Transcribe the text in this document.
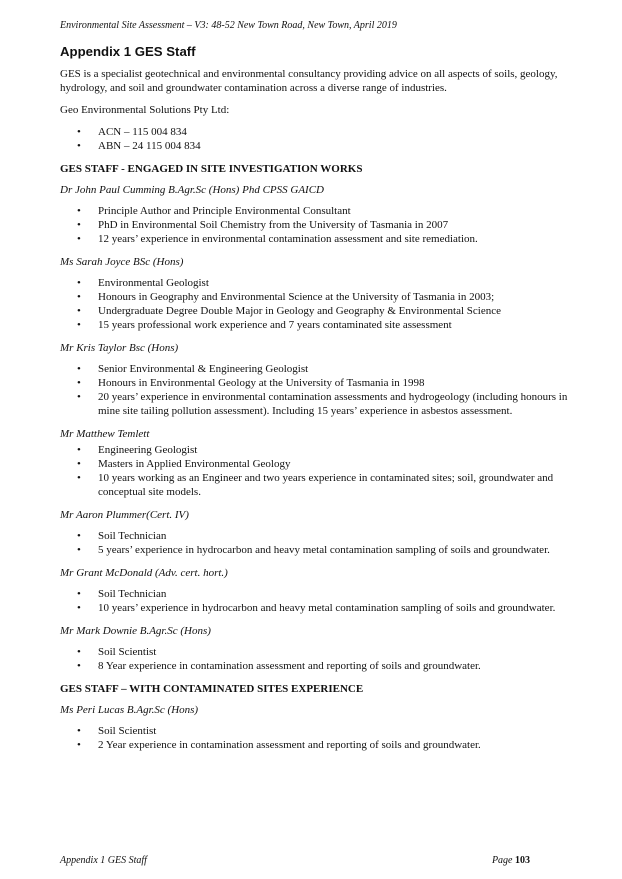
Environmental Site Assessment – V3: 48-52 New Town Road, New Town, April 2019
Appendix 1 GES Staff

GES is a specialist geotechnical and environmental consultancy providing advice on all aspects of soils, geology, hydrology, and soil and groundwater contamination across a diverse range of industries.

Geo Environmental Solutions Pty Ltd:

• ACN – 115 004 834
• ABN – 24 115 004 834
GES STAFF - ENGAGED IN SITE INVESTIGATION WORKS
Dr John Paul Cumming B.Agr.Sc (Hons) Phd CPSS GAICD
• Principle Author and Principle Environmental Consultant
• PhD in Environmental Soil Chemistry from the University of Tasmania in 2007
• 12 years’ experience in environmental contamination assessment and site remediation.
Ms Sarah Joyce BSc (Hons)
• Environmental Geologist
• Honours in Geography and Environmental Science at the University of Tasmania in 2003;
• Undergraduate Degree Double Major in Geology and Geography & Environmental Science
• 15 years professional work experience and 7 years contaminated site assessment
Mr Kris Taylor Bsc (Hons)
• Senior Environmental & Engineering Geologist
• Honours in Environmental Geology at the University of Tasmania in 1998
• 20 years’ experience in environmental contamination assessments and hydrogeology (including honours in mine site tailing pollution assessment). Including 15 years’ experience in asbestos assessment.
Mr Matthew Temlett
• Engineering Geologist
• Masters in Applied Environmental Geology
• 10 years working as an Engineer and two years experience in contaminated sites; soil, groundwater and conceptual site models.
Mr Aaron Plummer(Cert. IV)
• Soil Technician
• 5 years’ experience in hydrocarbon and heavy metal contamination sampling of soils and groundwater.
Mr Grant McDonald (Adv. cert. hort.)
• Soil Technician
• 10 years’ experience in hydrocarbon and heavy metal contamination sampling of soils and groundwater.
Mr Mark Downie B.Agr.Sc (Hons)
• Soil Scientist
• 8 Year experience in contamination assessment and reporting of soils and groundwater.
GES STAFF – WITH CONTAMINATED SITES EXPERIENCE
Ms Peri Lucas B.Agr.Sc (Hons)
• Soil Scientist
• 2 Year experience in contamination assessment and reporting of soils and groundwater.
Appendix 1 GES Staff	Page 103
